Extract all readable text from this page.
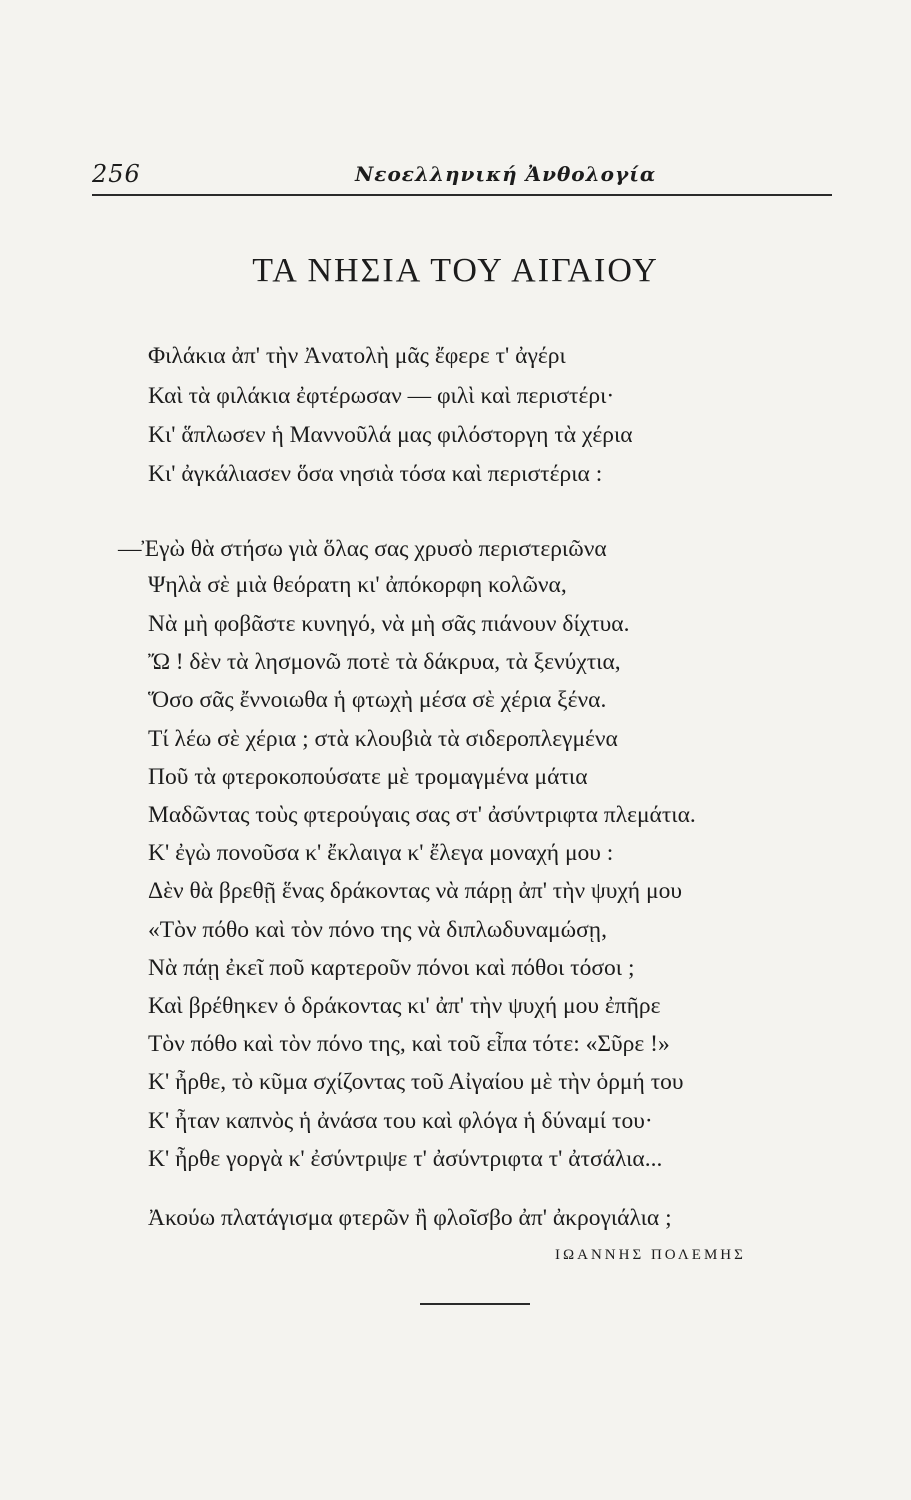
256	Νεοελληνική Ἀνθολογία
ΤΑ ΝΗΣΙΑ ΤΟΥ ΑΙΓΑΙΟΥ
Φιλάκια ἀπ' τὴν Ἀνατολὴ μᾶς ἔφερε τ' ἀγέρι
Καὶ τὰ φιλάκια ἐφτέρωσαν — φιλὶ καὶ περιστέρι·
Κι' ἅπλωσεν ἡ Μαννοῦλά μας φιλόστοργη τὰ χέρια
Κι' ἀγκάλιασεν ὅσα νησιὰ τόσα καὶ περιστέρια :
—Ἐγὼ θὰ στήσω γιὰ ὅλας σας χρυσὸ περιστεριῶνα
Ψηλὰ σὲ μιὰ θεόρατη κι' ἀπόκορφη κολῶνα,
Νὰ μὴ φοβᾶστε κυνηγό, νὰ μὴ σᾶς πιάνουν δίχτυα.
Ὤ ! δὲν τὰ λησμονῶ ποτὲ τὰ δάκρυα, τὰ ξενύχτια,
Ὅσο σᾶς ἔννοιωθα ἡ φτωχὴ μέσα σὲ χέρια ξένα.
Τί λέω σὲ χέρια ; στὰ κλουβιὰ τὰ σιδεροπλεγμένα
Ποῦ τὰ φτεροκοπούσατε μὲ τρομαγμένα μάτια
Μαδῶντας τοὺς φτερούγαις σας στ' ἀσύντριφτα πλεμάτια.
Κ' ἐγὼ πονοῦσα κ' ἔκλαιγα κ' ἔλεγα μοναχή μου :
Δὲν θὰ βρεθῇ ἕνας δράκοντας νὰ πάρῃ ἀπ' τὴν ψυχή μου
«Τὸν πόθο καὶ τὸν πόνο της νὰ διπλωδυναμώσῃ,
Νὰ πάῃ ἐκεῖ ποῦ καρτεροῦν πόνοι καὶ πόθοι τόσοι ;
Καὶ βρέθηκεν ὁ δράκοντας κι' ἀπ' τὴν ψυχή μου ἐπῆρε
Τὸν πόθο καὶ τὸν πόνο της, καὶ τοῦ εἶπα τότε: «Σῦρε !»
Κ' ἦρθε, τὸ κῦμα σχίζοντας τοῦ Αἰγαίου μὲ τὴν ὁρμή του
Κ' ἦταν καπνὸς ἡ ἀνάσα του καὶ φλόγα ἡ δύναμί του·
Κ' ἦρθε γοργὰ κ' ἐσύντριψε τ' ἀσύντριφτα τ' ἀτσάλια...
Ἀκούω πλατάγισμα φτερῶν ἢ φλοῖσβο ἀπ' ἀκρογιάλια ;
ΙΩΑΝΝΗΣ ΠΟΛΕΜΗΣ
